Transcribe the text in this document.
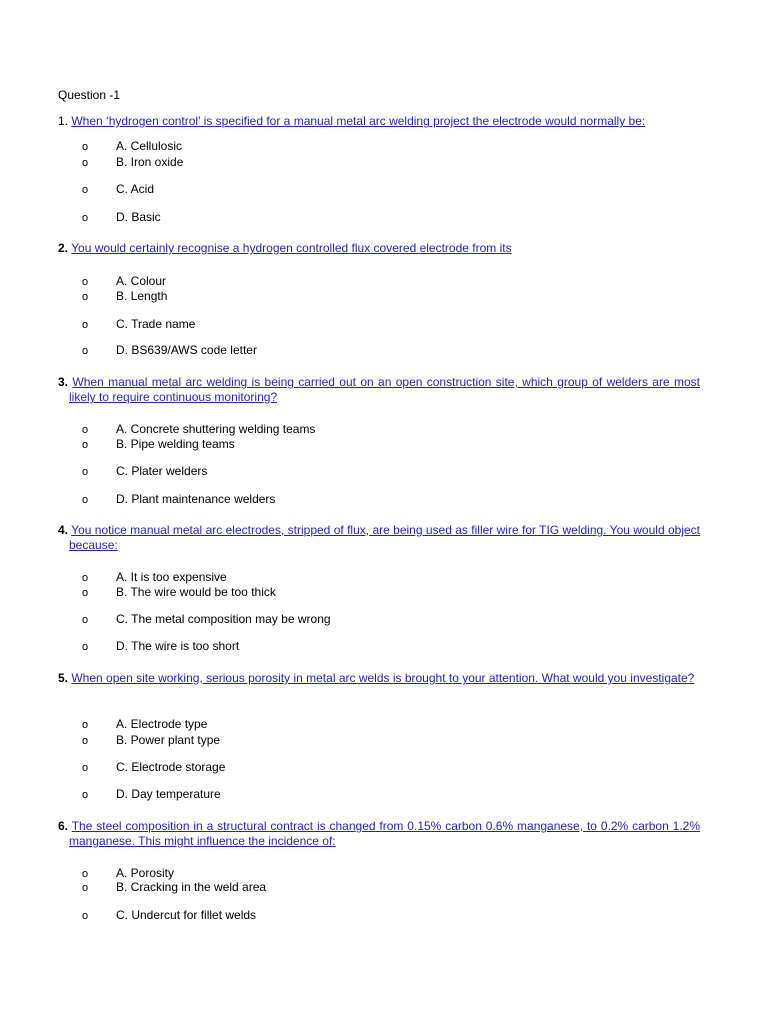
Question -1
1. When ‘hydrogen control’ is specified for a manual metal arc welding project the electrode would normally be:
oA. Cellulosic
o B. Iron oxide
o C. Acid
o D. Basic
2. You would certainly recognise a hydrogen controlled flux covered electrode from its
o A. Colour
o B. Length
o C. Trade name
o D. BS639/AWS code letter
3. When manual metal arc welding is being carried out on an open construction site, which group of welders are most likely to require continuous monitoring?
o A. Concrete shuttering welding teams
o B. Pipe welding teams
o C. Plater welders
o D. Plant maintenance welders
4. You notice manual metal arc electrodes, stripped of flux, are being used as filler wire for TIG welding. You would object because:
o A. It is too expensive
o B. The wire would be too thick
o C. The metal composition may be wrong
o D. The wire is too short
5. When open site working, serious porosity in metal arc welds is brought to your attention. What would you investigate?
o A. Electrode type
o B. Power plant type
o C. Electrode storage
o D. Day temperature
6. The steel composition in a structural contract is changed from 0.15% carbon 0.6% manganese, to 0.2% carbon 1.2% manganese. This might influence the incidence of:
o A. Porosity
o B. Cracking in the weld area
o C. Undercut for fillet welds
